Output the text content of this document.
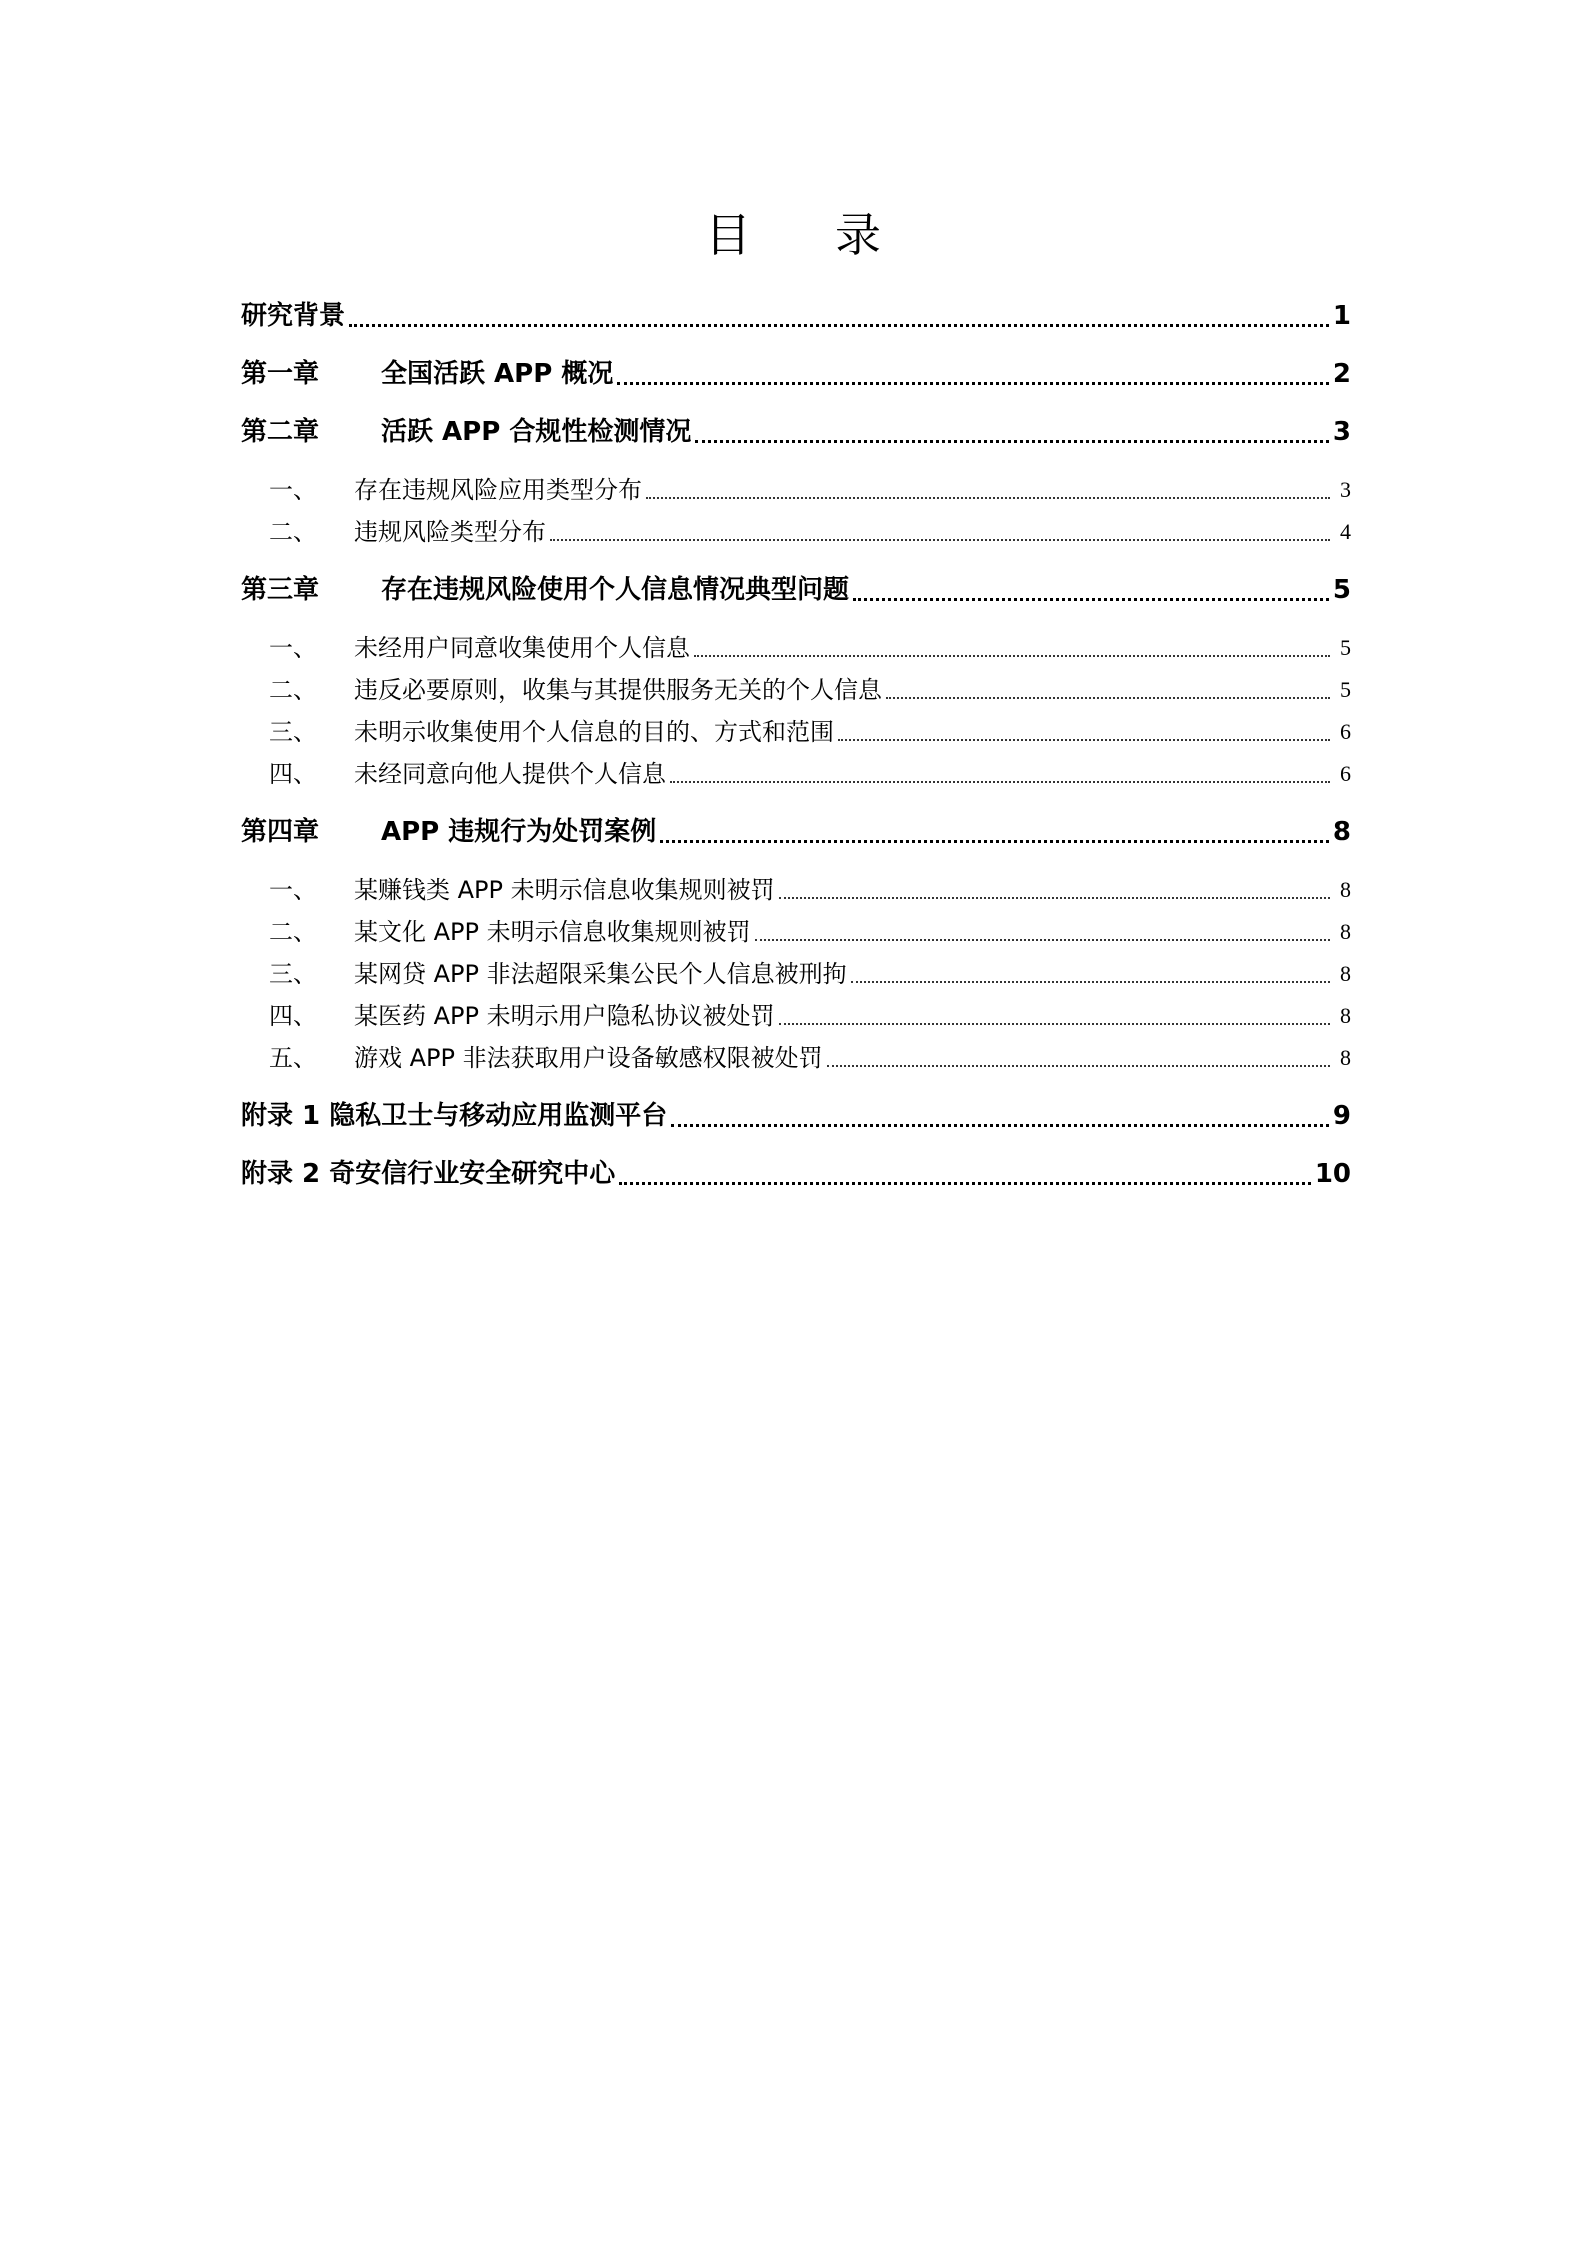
目录
研究背景	1
第一章	全国活跃 APP 概况	2
第二章	活跃 APP 合规性检测情况	3
一、	存在违规风险应用类型分布	3
二、	违规风险类型分布	4
第三章	存在违规风险使用个人信息情况典型问题	5
一、	未经用户同意收集使用个人信息	5
二、	违反必要原则，收集与其提供服务无关的个人信息	5
三、	未明示收集使用个人信息的目的、方式和范围	6
四、	未经同意向他人提供个人信息	6
第四章	APP 违规行为处罚案例	8
一、	某赚钱类 APP 未明示信息收集规则被罚	8
二、	某文化 APP 未明示信息收集规则被罚	8
三、	某网贷 APP 非法超限采集公民个人信息被刑拘	8
四、	某医药 APP 未明示用户隐私协议被处罚	8
五、	游戏 APP 非法获取用户设备敏感权限被处罚	8
附录 1 隐私卫士与移动应用监测平台	9
附录 2 奇安信行业安全研究中心	10
